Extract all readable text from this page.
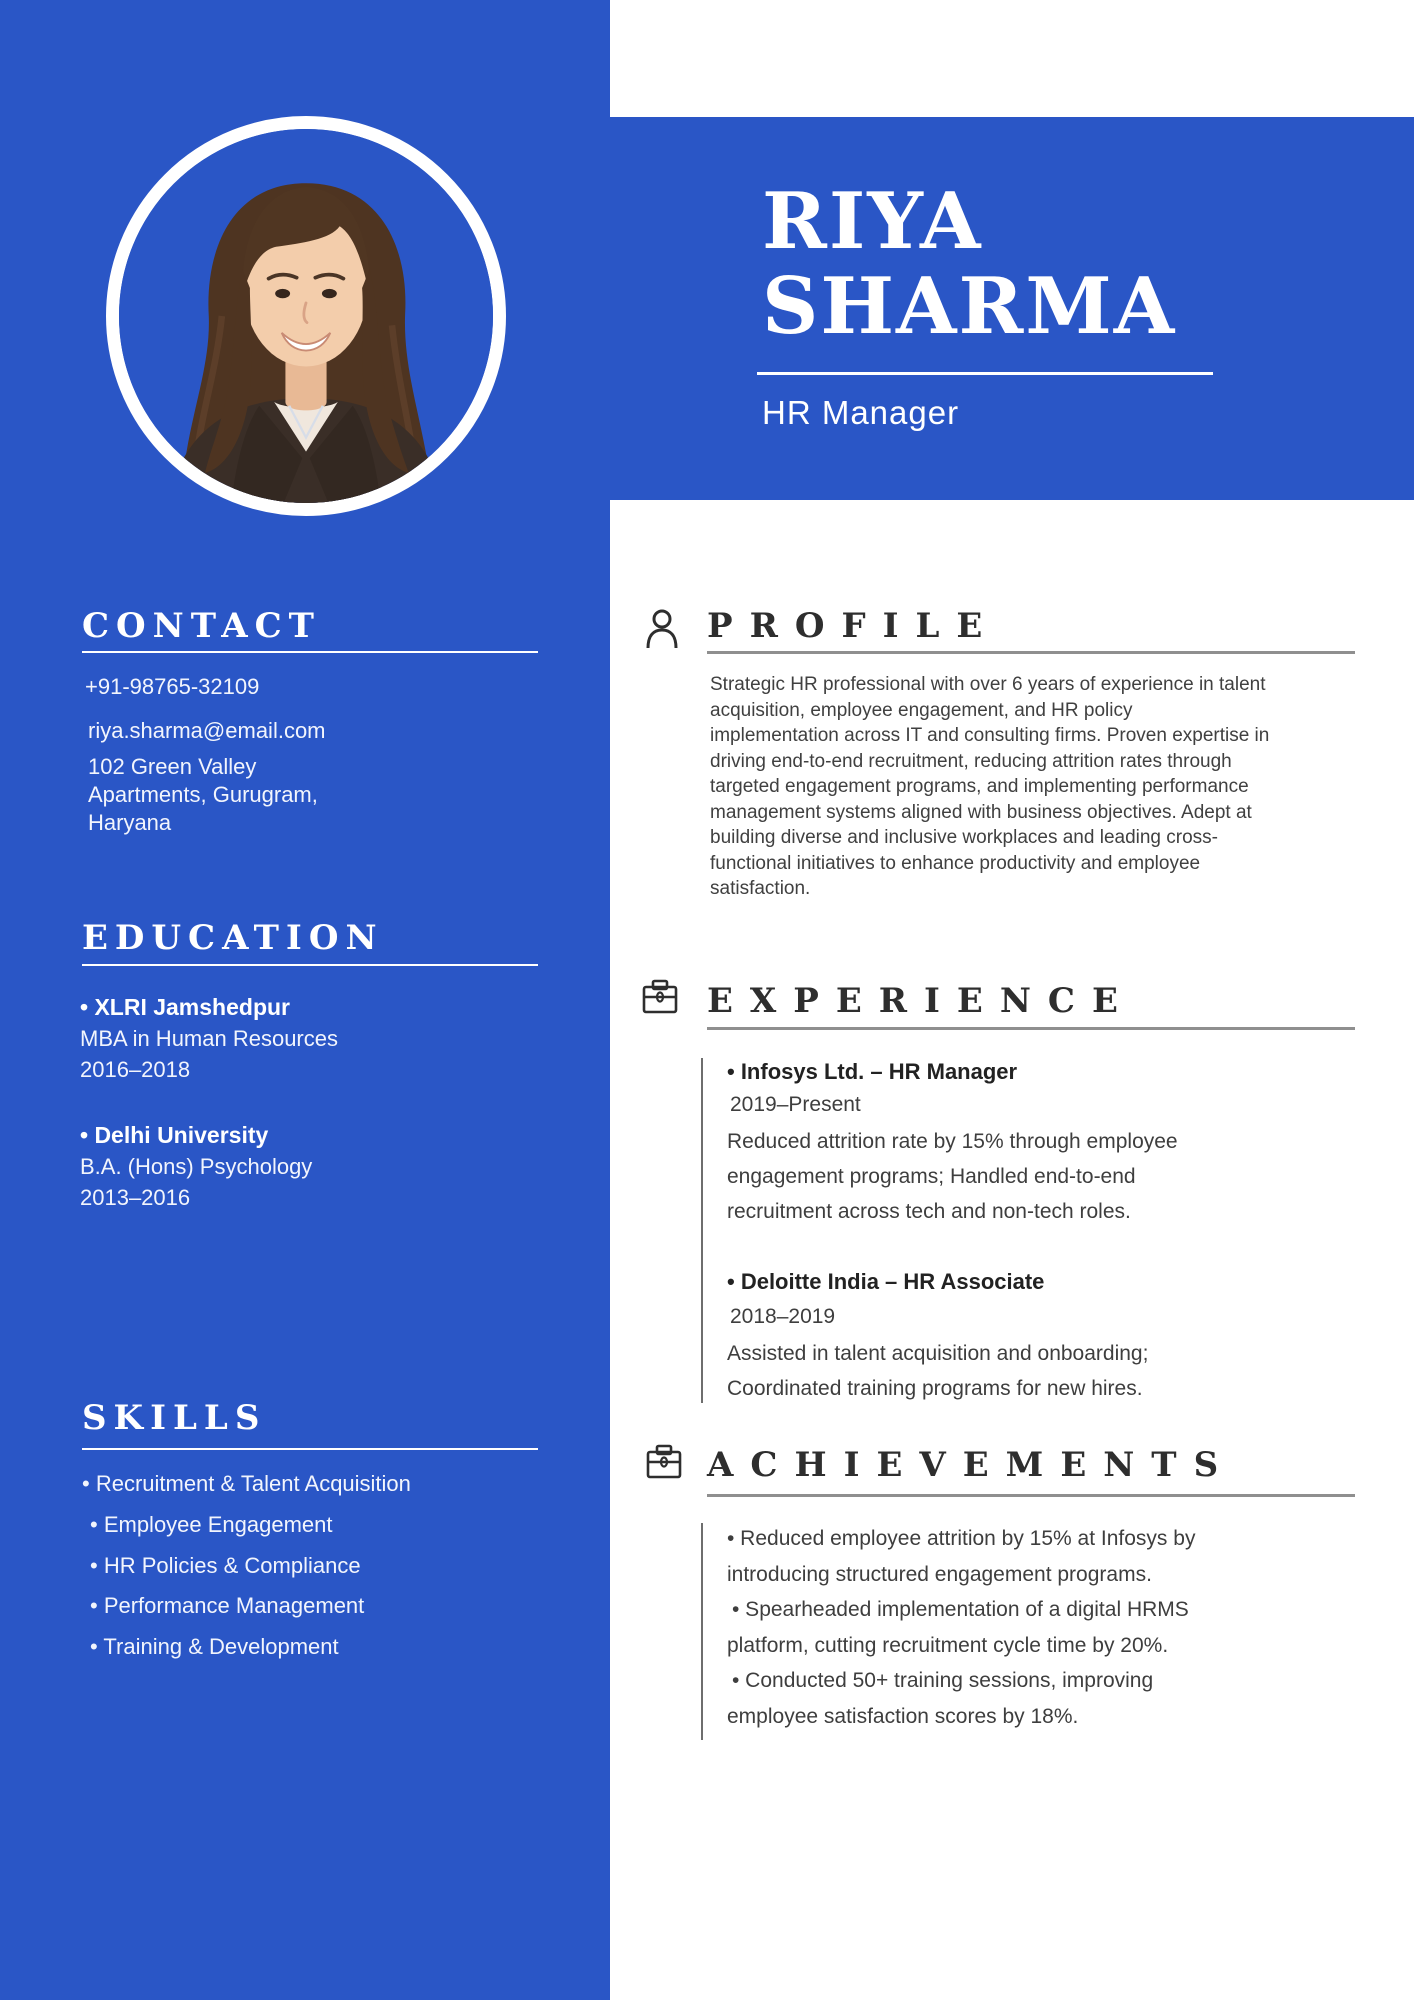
RIYA
SHARMA
HR Manager
CONTACT
+91-98765-32109
riya.sharma@email.com
102 Green Valley
Apartments, Gurugram,
Haryana
EDUCATION
• XLRI Jamshedpur
MBA in Human Resources
2016–2018
• Delhi University
B.A. (Hons) Psychology
2013–2016
SKILLS
• Recruitment & Talent Acquisition
• Employee Engagement
• HR Policies & Compliance
• Performance Management
• Training & Development
PROFILE
Strategic HR professional with over 6 years of experience in talent
acquisition, employee engagement, and HR policy
implementation across IT and consulting firms. Proven expertise in
driving end-to-end recruitment, reducing attrition rates through
targeted engagement programs, and implementing performance
management systems aligned with business objectives. Adept at
building diverse and inclusive workplaces and leading cross-
functional initiatives to enhance productivity and employee
satisfaction.
EXPERIENCE
• Infosys Ltd. – HR Manager
2019–Present
Reduced attrition rate by 15% through employee
engagement programs; Handled end-to-end
recruitment across tech and non-tech roles.
• Deloitte India – HR Associate
2018–2019
Assisted in talent acquisition and onboarding;
Coordinated training programs for new hires.
ACHIEVEMENTS
• Reduced employee attrition by 15% at Infosys by
introducing structured engagement programs.
• Spearheaded implementation of a digital HRMS
platform, cutting recruitment cycle time by 20%.
• Conducted 50+ training sessions, improving
employee satisfaction scores by 18%.
